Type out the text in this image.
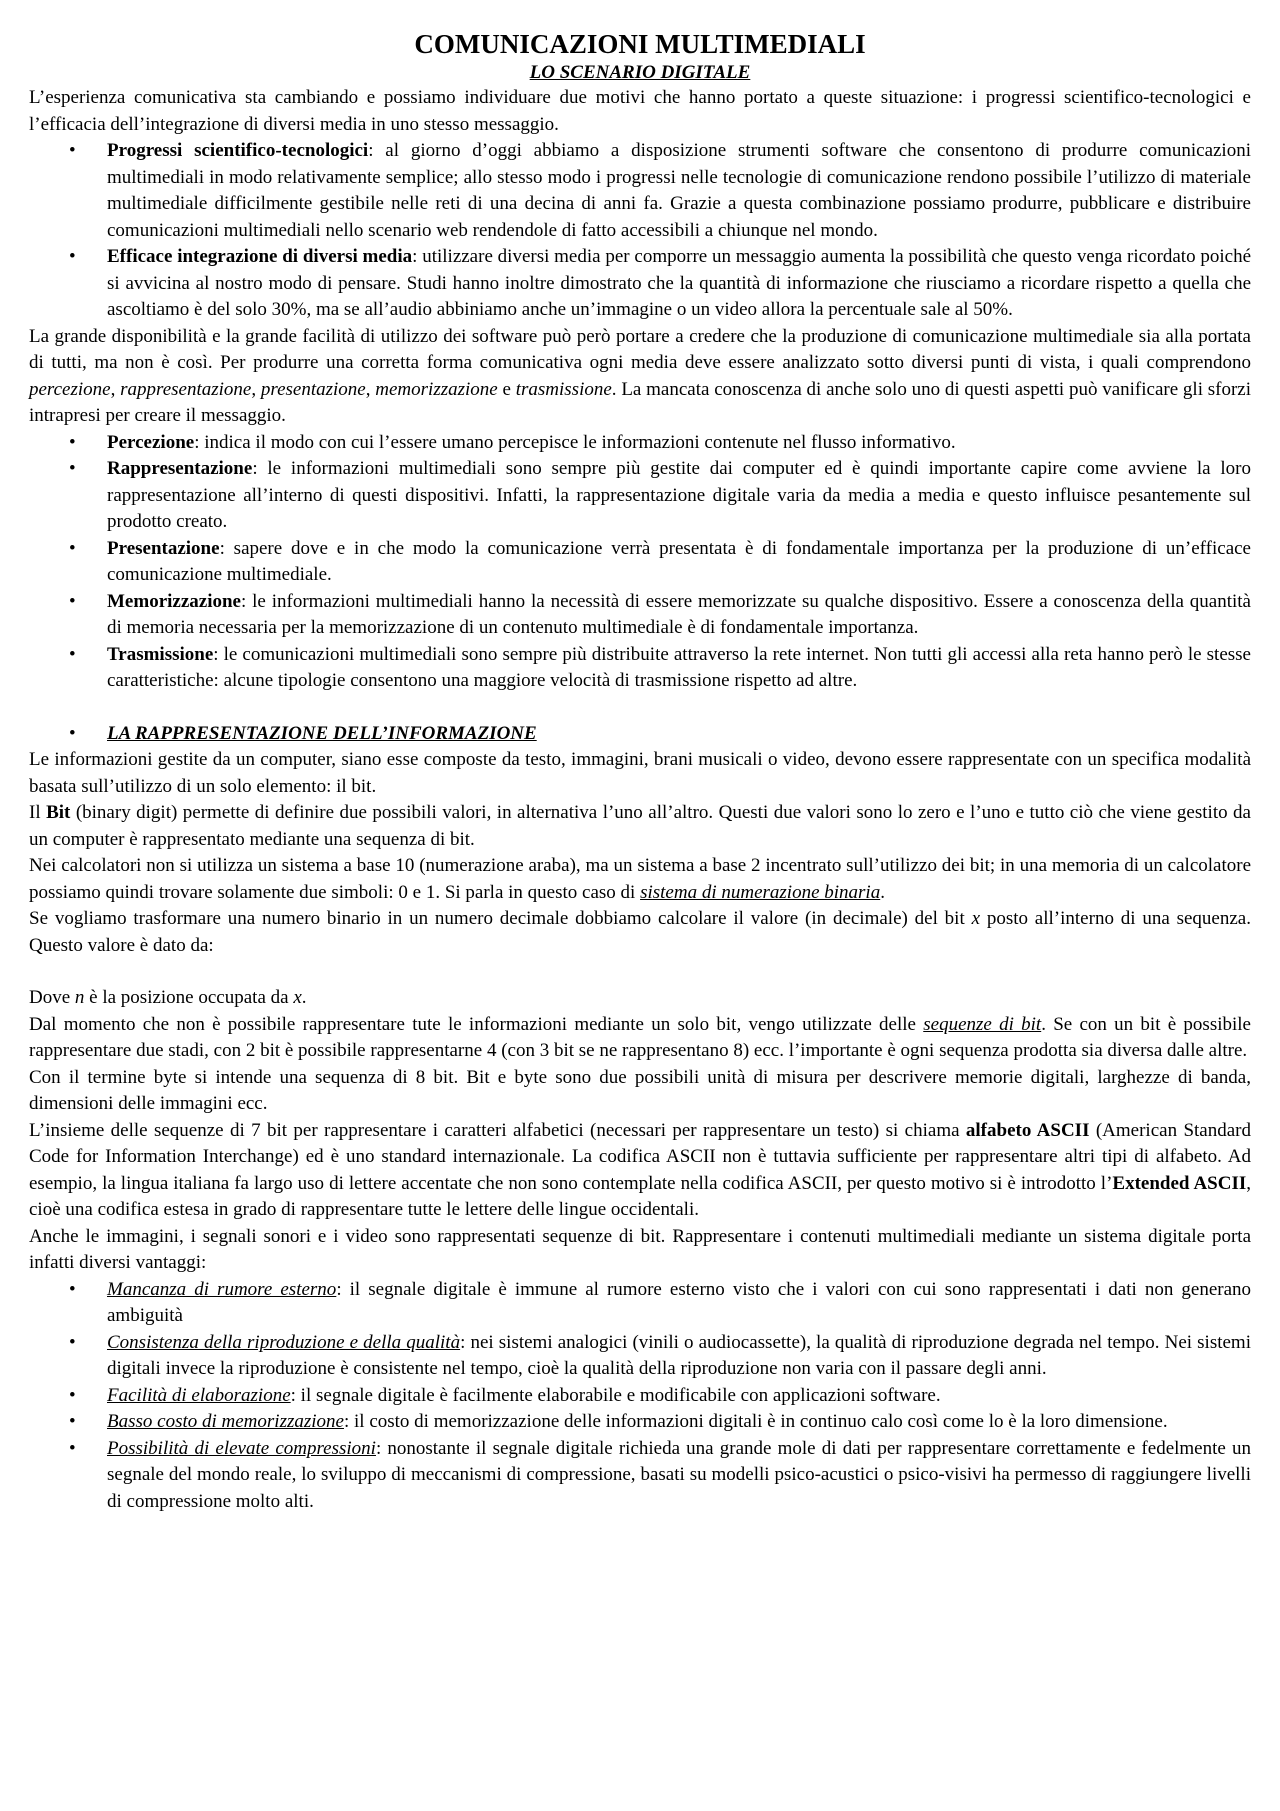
COMUNICAZIONI MULTIMEDIALI
LO SCENARIO DIGITALE

L’esperienza comunicativa sta cambiando e possiamo individuare due motivi che hanno portato a queste situazione: i progressi scientifico-tecnologici e l’efficacia dell’integrazione di diversi media in uno stesso messaggio.

• Progressi scientifico-tecnologici: al giorno d’oggi abbiamo a disposizione strumenti software che consentono di produrre comunicazioni multimediali in modo relativamente semplice; allo stesso modo i progressi nelle tecnologie di comunicazione rendono possibile l’utilizzo di materiale multimediale difficilmente gestibile nelle reti di una decina di anni fa. Grazie a questa combinazione possiamo produrre, pubblicare e distribuire comunicazioni multimediali nello scenario web rendendole di fatto accessibili a chiunque nel mondo.
• Efficace integrazione di diversi media: utilizzare diversi media per comporre un messaggio aumenta la possibilità che questo venga ricordato poiché si avvicina al nostro modo di pensare. Studi hanno inoltre dimostrato che la quantità di informazione che riusciamo a ricordare rispetto a quella che ascoltiamo è del solo 30%, ma se all’audio abbiniamo anche un’immagine o un video allora la percentuale sale al 50%.

La grande disponibilità e la grande facilità di utilizzo dei software può però portare a credere che la produzione di comunicazione multimediale sia alla portata di tutti, ma non è così. Per produrre una corretta forma comunicativa ogni media deve essere analizzato sotto diversi punti di vista, i quali comprendono percezione, rappresentazione, presentazione, memorizzazione e trasmissione. La mancata conoscenza di anche solo uno di questi aspetti può vanificare gli sforzi intrapresi per creare il messaggio.

• Percezione: indica il modo con cui l’essere umano percepisce le informazioni contenute nel flusso informativo.
• Rappresentazione: le informazioni multimediali sono sempre più gestite dai computer ed è quindi importante capire come avviene la loro rappresentazione all’interno di questi dispositivi. Infatti, la rappresentazione digitale varia da media a media e questo influisce pesantemente sul prodotto creato.
• Presentazione: sapere dove e in che modo la comunicazione verrà presentata è di fondamentale importanza per la produzione di un’efficace comunicazione multimediale.
• Memorizzazione: le informazioni multimediali hanno la necessità di essere memorizzate su qualche dispositivo. Essere a conoscenza della quantità di memoria necessaria per la memorizzazione di un contenuto multimediale è di fondamentale importanza.
• Trasmissione: le comunicazioni multimediali sono sempre più distribuite attraverso la rete internet. Non tutti gli accessi alla reta hanno però le stesse caratteristiche: alcune tipologie consentono una maggiore velocità di trasmissione rispetto ad altre.
• LA RAPPRESENTAZIONE DELL’INFORMAZIONE

Le informazioni gestite da un computer, siano esse composte da testo, immagini, brani musicali o video, devono essere rappresentate con un specifica modalità basata sull’utilizzo di un solo elemento: il bit.

Il Bit (binary digit) permette di definire due possibili valori, in alternativa l’uno all’altro. Questi due valori sono lo zero e l’uno e tutto ciò che viene gestito da un computer è rappresentato mediante una sequenza di bit.

Nei calcolatori non si utilizza un sistema a base 10 (numerazione araba), ma un sistema a base 2 incentrato sull’utilizzo dei bit; in una memoria di un calcolatore possiamo quindi trovare solamente due simboli: 0 e 1. Si parla in questo caso di sistema di numerazione binaria.

Se vogliamo trasformare una numero binario in un numero decimale dobbiamo calcolare il valore (in decimale) del bit x posto all’interno di una sequenza. Questo valore è dato da:

Dove n è la posizione occupata da x.

Dal momento che non è possibile rappresentare tute le informazioni mediante un solo bit, vengo utilizzate delle sequenze di bit. Se con un bit è possibile rappresentare due stadi, con 2 bit è possibile rappresentarne 4 (con 3 bit se ne rappresentano 8) ecc. l’importante è ogni sequenza prodotta sia diversa dalle altre.

Con il termine byte si intende una sequenza di 8 bit. Bit e byte sono due possibili unità di misura per descrivere memorie digitali, larghezze di banda, dimensioni delle immagini ecc.

L’insieme delle sequenze di 7 bit per rappresentare i caratteri alfabetici (necessari per rappresentare un testo) si chiama alfabeto ASCII (American Standard Code for Information Interchange) ed è uno standard internazionale. La codifica ASCII non è tuttavia sufficiente per rappresentare altri tipi di alfabeto. Ad esempio, la lingua italiana fa largo uso di lettere accentate che non sono contemplate nella codifica ASCII, per questo motivo si è introdotto l’Extended ASCII, cioè una codifica estesa in grado di rappresentare tutte le lettere delle lingue occidentali.

Anche le immagini, i segnali sonori e i video sono rappresentati sequenze di bit. Rappresentare i contenuti multimediali mediante un sistema digitale porta infatti diversi vantaggi:

• Mancanza di rumore esterno: il segnale digitale è immune al rumore esterno visto che i valori con cui sono rappresentati i dati non generano ambiguità
• Consistenza della riproduzione e della qualità: nei sistemi analogici (vinili o audiocassette), la qualità di riproduzione degrada nel tempo. Nei sistemi digitali invece la riproduzione è consistente nel tempo, cioè la qualità della riproduzione non varia con il passare degli anni.
• Facilità di elaborazione: il segnale digitale è facilmente elaborabile e modificabile con applicazioni software.
• Basso costo di memorizzazione: il costo di memorizzazione delle informazioni digitali è in continuo calo così come lo è la loro dimensione.
• Possibilità di elevate compressioni: nonostante il segnale digitale richieda una grande mole di dati per rappresentare correttamente e fedelmente un segnale del mondo reale, lo sviluppo di meccanismi di compressione, basati su modelli psico-acustici o psico-visivi ha permesso di raggiungere livelli di compressione molto alti.
